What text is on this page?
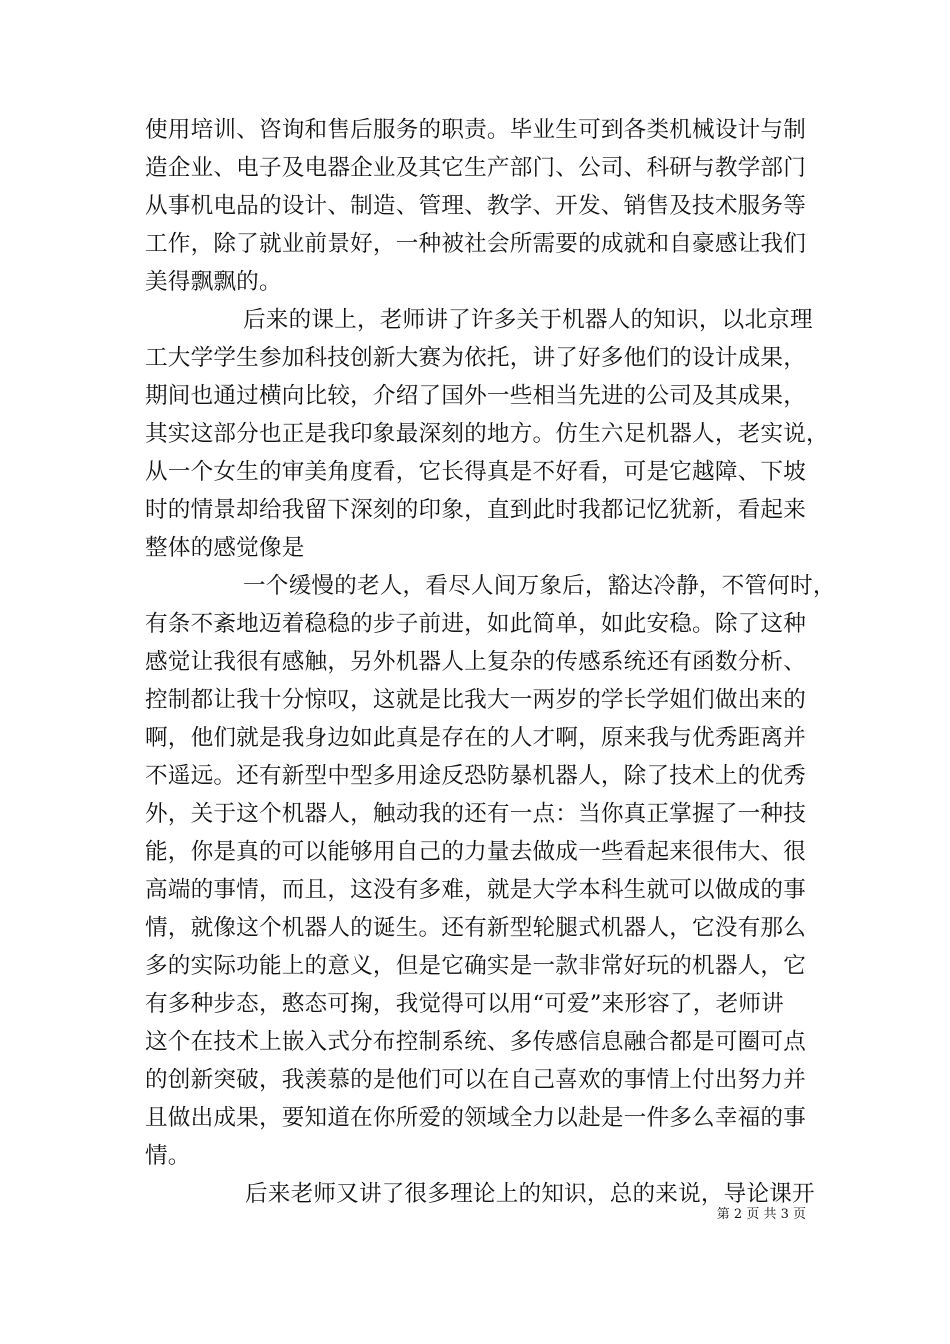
使用培训、咨询和售后服务的职责。毕业生可到各类机械设计与制
造企业、电子及电器企业及其它生产部门、公司、科研与教学部门
从事机电品的设计、制造、管理、教学、开发、销售及技术服务等
工作，除了就业前景好，一种被社会所需要的成就和自豪感让我们
美得飘飘的。
后来的课上，老师讲了许多关于机器人的知识，以北京理
工大学学生参加科技创新大赛为依托，讲了好多他们的设计成果，
期间也通过横向比较，介绍了国外一些相当先进的公司及其成果，
其实这部分也正是我印象最深刻的地方。仿生六足机器人，老实说，
从一个女生的审美角度看，它长得真是不好看，可是它越障、下坡
时的情景却给我留下深刻的印象，直到此时我都记忆犹新，看起来
整体的感觉像是
一个缓慢的老人，看尽人间万象后，豁达冷静，不管何时，
有条不紊地迈着稳稳的步子前进，如此简单，如此安稳。除了这种
感觉让我很有感触，另外机器人上复杂的传感系统还有函数分析、
控制都让我十分惊叹，这就是比我大一两岁的学长学姐们做出来的
啊，他们就是我身边如此真是存在的人才啊，原来我与优秀距离并
不遥远。还有新型中型多用途反恐防暴机器人，除了技术上的优秀
外，关于这个机器人，触动我的还有一点：当你真正掌握了一种技
能，你是真的可以能够用自己的力量去做成一些看起来很伟大、很
高端的事情，而且，这没有多难，就是大学本科生就可以做成的事
情，就像这个机器人的诞生。还有新型轮腿式机器人，它没有那么
多的实际功能上的意义，但是它确实是一款非常好玩的机器人，它
有多种步态，憨态可掬，我觉得可以用“可爱”来形容了，老师讲
这个在技术上嵌入式分布控制系统、多传感信息融合都是可圈可点
的创新突破，我羡慕的是他们可以在自己喜欢的事情上付出努力并
且做出成果，要知道在你所爱的领域全力以赴是一件多么幸福的事
情。
后来老师又讲了很多理论上的知识，总的来说，导论课开
第 2 页 共 3 页
